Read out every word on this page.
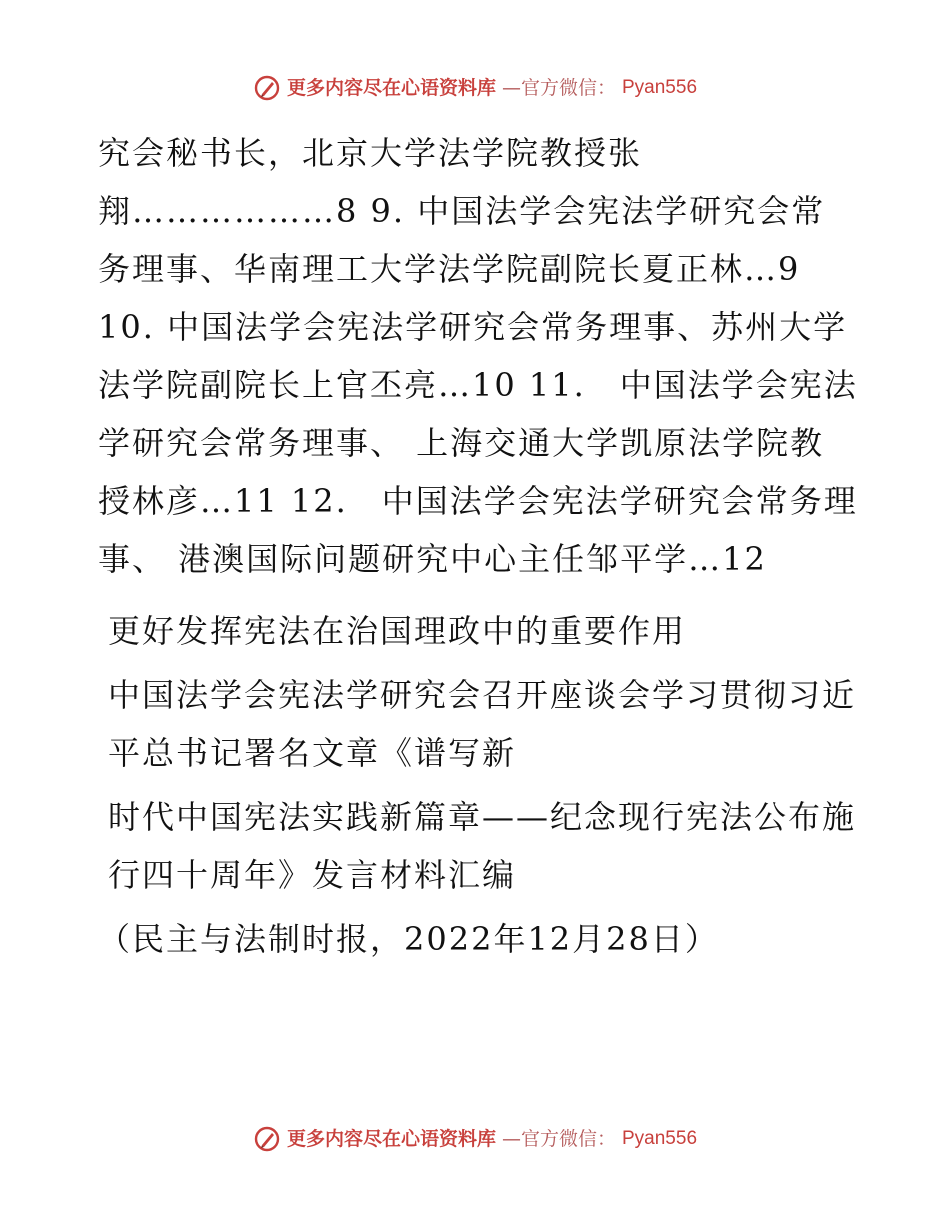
更多内容尽在心语资料库 —官方微信： Pyan556

究会秘书长，北京大学法学院教授张翔………………8 9. 中国法学会宪法学研究会常务理事、华南理工大学法学院副院长夏正林…9 10. 中国法学会宪法学研究会常务理事、苏州大学法学院副院长上官丕亮…10 11.　中国法学会宪法学研究会常务理事、 上海交通大学凯原法学院教授林彦…11 12.　中国法学会宪法学研究会常务理事、 港澳国际问题研究中心主任邹平学…12

更好发挥宪法在治国理政中的重要作用

中国法学会宪法学研究会召开座谈会学习贯彻习近平总书记署名文章《谱写新

时代中国宪法实践新篇章——纪念现行宪法公布施行四十周年》发言材料汇编

（民主与法制时报，2022年12月28日）

更多内容尽在心语资料库 —官方微信： Pyan556
